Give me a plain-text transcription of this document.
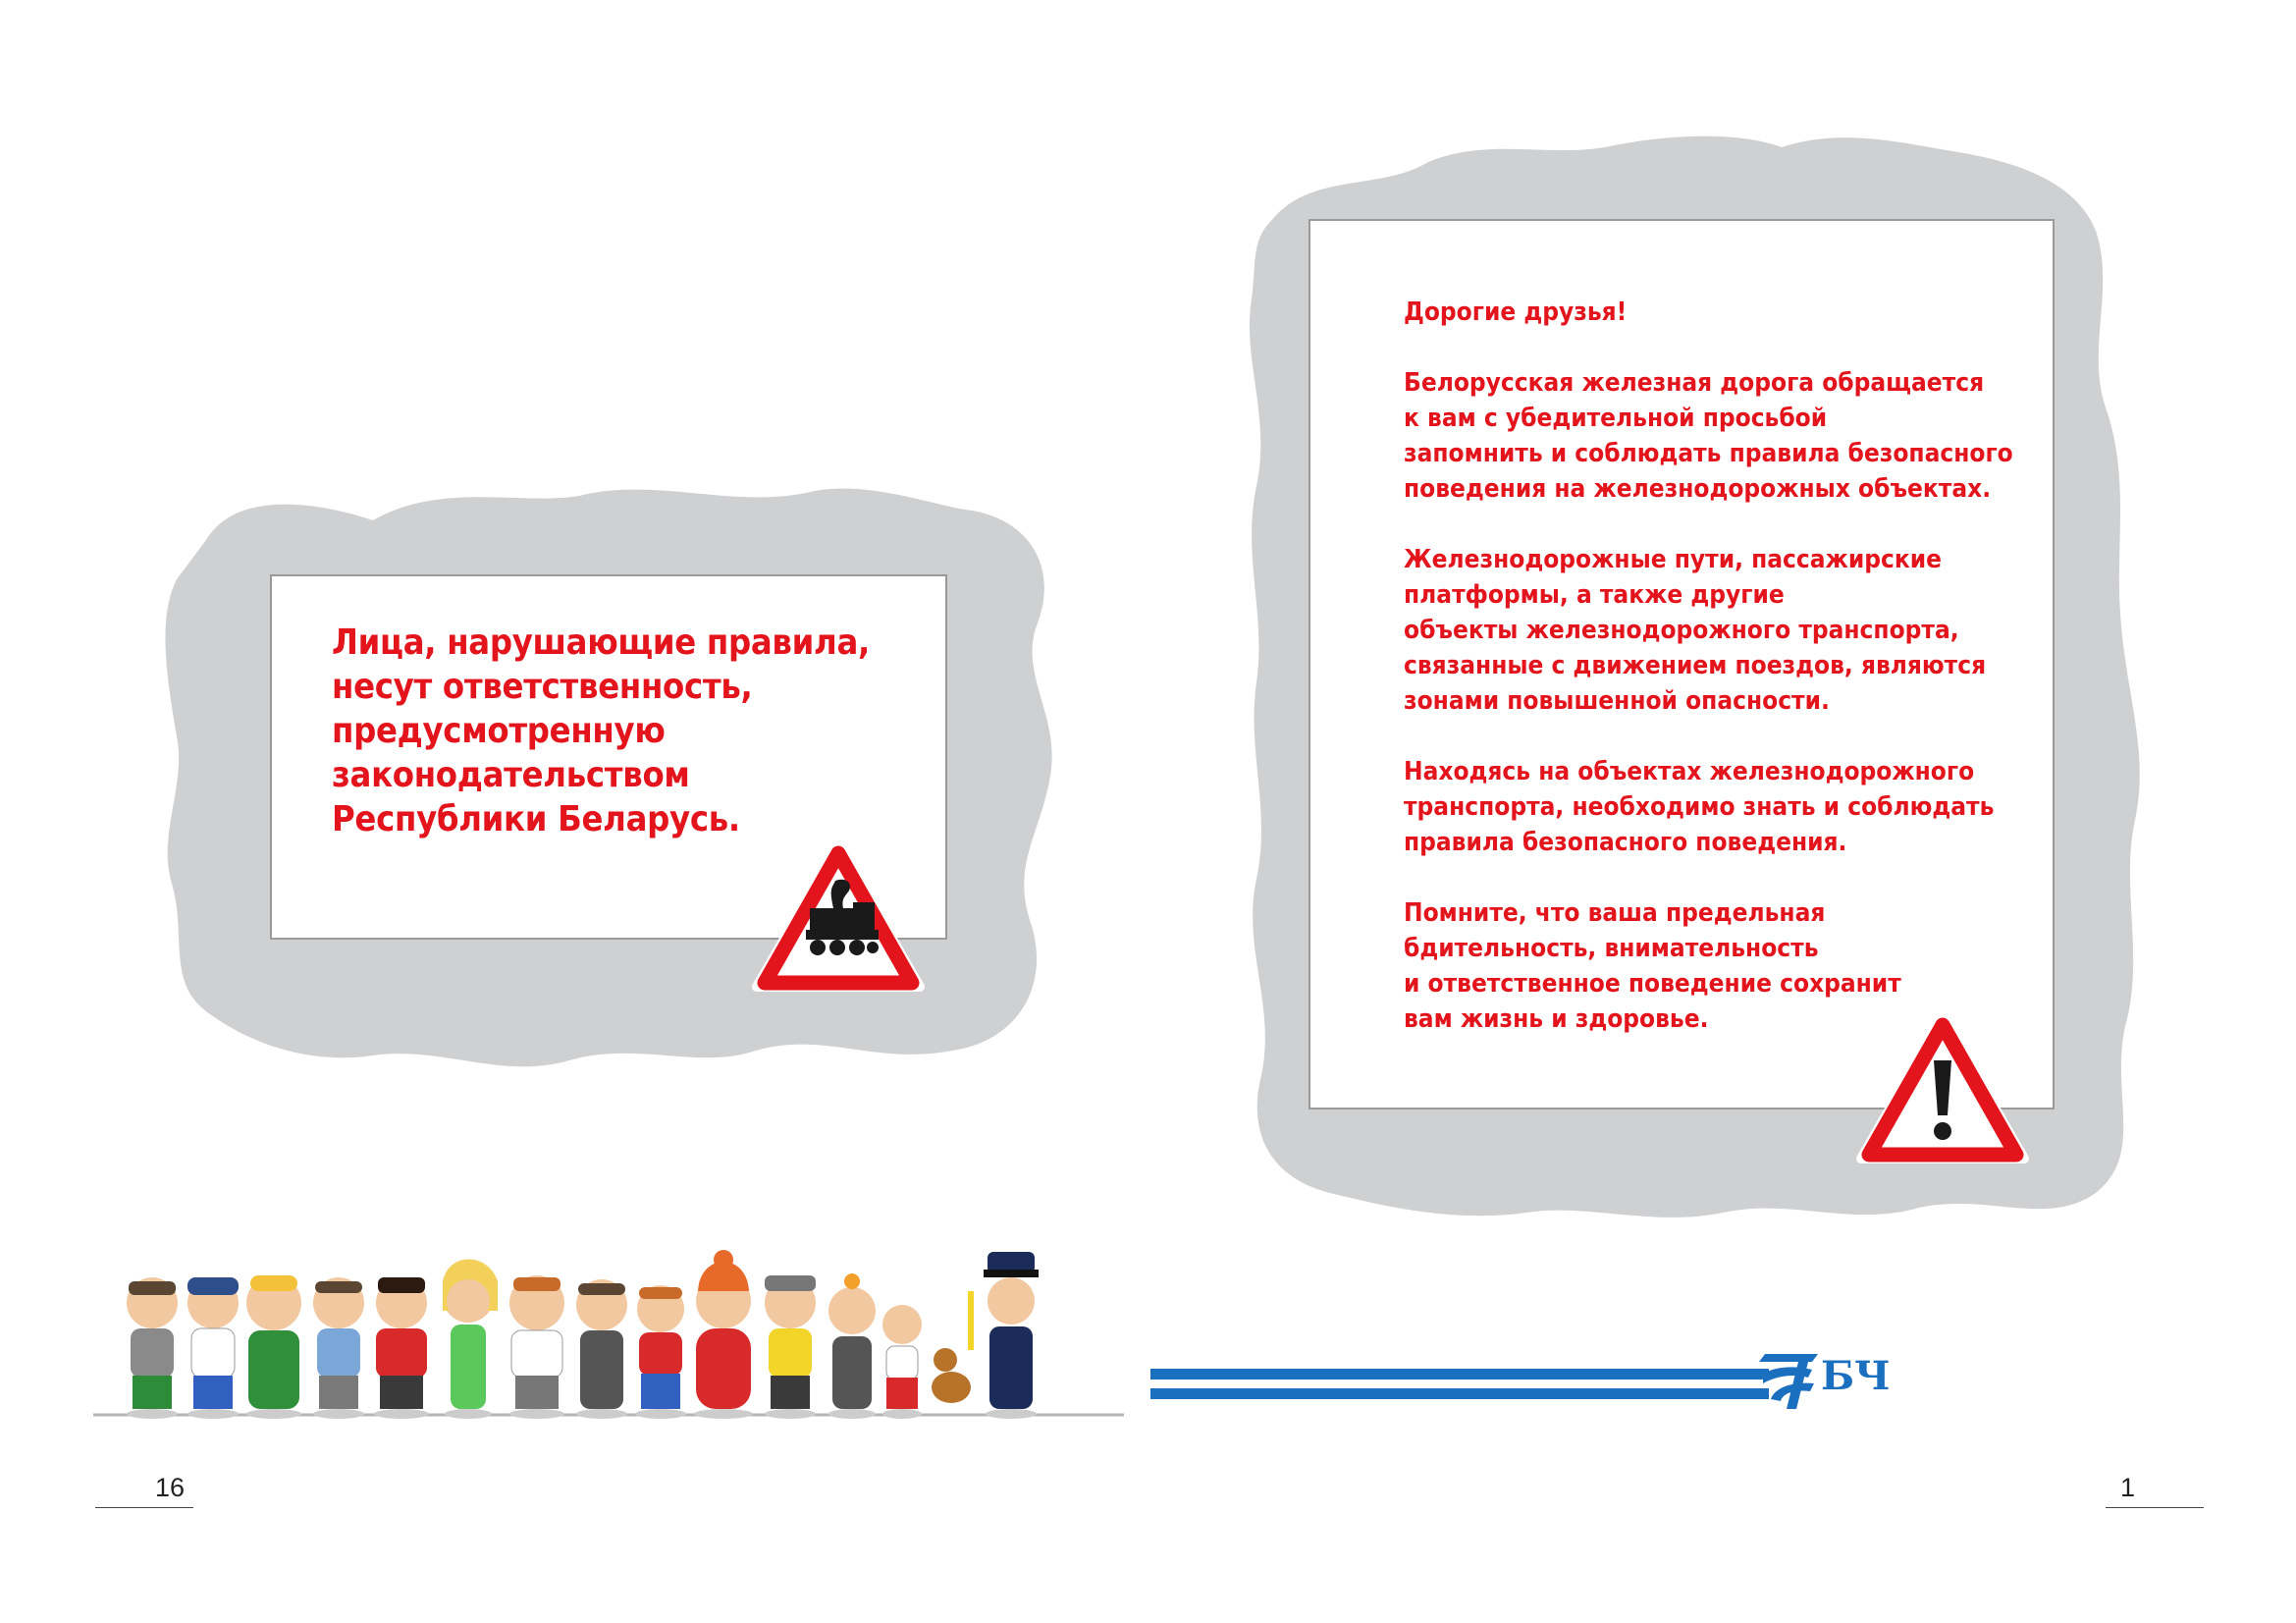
Лица, нарушающие правила,
несут ответственность,
предусмотренную
законодательством
Республики Беларусь.

Дорогие друзья!

Белорусская железная дорога обращается
к вам с убедительной просьбой
запомнить и соблюдать правила безопасного
поведения на железнодорожных объектах.

Железнодорожные пути, пассажирские
платформы, а также другие
объекты железнодорожного транспорта,
связанные с движением поездов, являются
зонами повышенной опасности.

Находясь на объектах железнодорожного
транспорта, необходимо знать и соблюдать
правила безопасного поведения.

Помните, что ваша предельная
бдительность, внимательность
и ответственное поведение сохранит
вам жизнь и здоровье.

БЧ
16	1
